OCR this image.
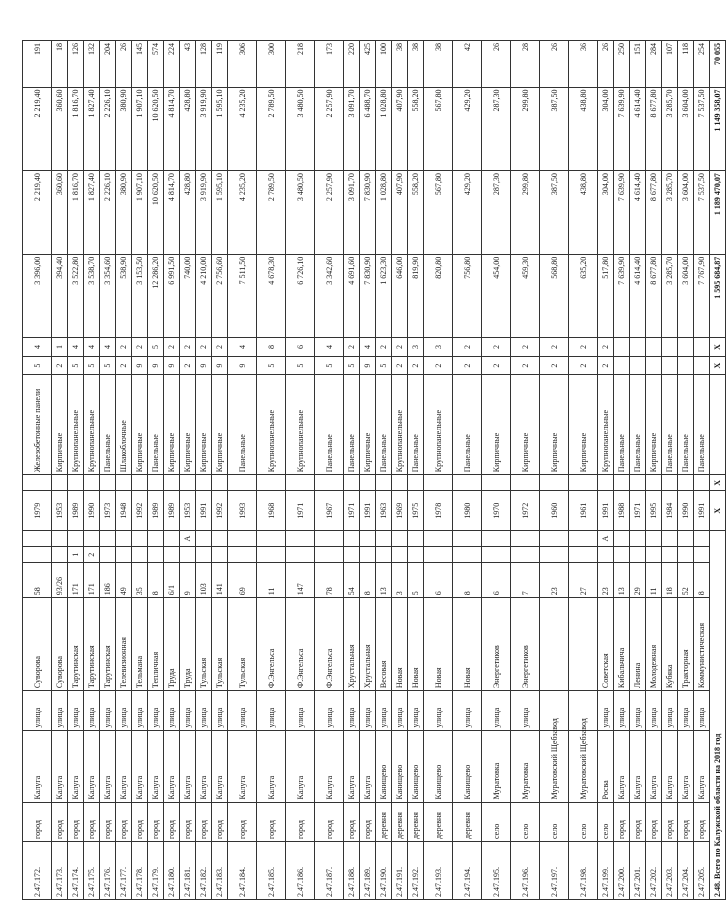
2.47.172.	город	Калуга	улица	Суворова	58			1979		Железобетонные панели	5	4	3 396,00	2 219,40	2 219,40	191
2.47.173.	город	Калуга	улица	Суворова	93/26			1953		Кирпичные	2	1	394,40	360,60	360,60	18
2.47.174.	город	Калуга	улица	Тарутинская	171	1		1989		Крупнопанельные	5	4	3 522,80	1 816,70	1 816,70	126
2.47.175.	город	Калуга	улица	Тарутинская	171	2		1990		Крупнопанельные	5	4	3 538,70	1 827,40	1 827,40	132
2.47.176.	город	Калуга	улица	Тарутинская	186			1973		Панельные	5	4	3 354,60	2 226,10	2 226,10	204
2.47.177.	город	Калуга	улица	Телевизионная	49			1948		Шлакоблочные	2	2	538,90	380,90	380,90	26
2.47.178.	город	Калуга	улица	Тельмана	35			1992		Кирпичные	9	2	3 153,50	1 907,10	1 907,10	145
2.47.179.	город	Калуга	улица	Тепличная	8			1989		Панельные	9	5	12 286,20	10 620,50	10 620,50	574
2.47.180.	город	Калуга	улица	Труда	6/1			1989		Кирпичные	9	2	6 991,50	4 814,70	4 814,70	224
2.47.181.	город	Калуга	улица	Труда	9		А	1953		Кирпичные	2	2	740,00	428,80	428,80	43
2.47.182.	город	Калуга	улица	Тульская	103			1991		Кирпичные	9	2	4 210,00	3 919,90	3 919,90	128
2.47.183.	город	Калуга	улица	Тульская	141			1992		Кирпичные	9	2	2 756,60	1 595,10	1 595,10	119
2.47.184.	город	Калуга	улица	Тульская	69			1993		Панельные	9	4	7 511,50	4 235,20	4 235,20	306
2.47.185.	город	Калуга	улица	Ф.Энгельса	11			1968		Крупнопанельные	5	8	4 678,30	2 789,50	2 789,50	300
2.47.186.	город	Калуга	улица	Ф.Энгельса	147			1971		Крупнопанельные	5	6	6 726,10	3 480,50	3 480,50	218
2.47.187.	город	Калуга	улица	Ф.Энгельса	78			1967		Панельные	5	4	3 342,60	2 257,90	2 257,90	173
2.47.188.	город	Калуга	улица	Хрустальная	54			1971		Панельные	5	2	4 691,60	3 091,70	3 091,70	220
2.47.189.	город	Калуга	улица	Хрустальная	8			1991		Кирпичные	9	4	7 830,90	7 830,90	6 488,70	425
2.47.190.	деревня	Канищево	улица	Весовая	13			1963		Панельные	5	2	1 623,30	1 028,80	1 028,80	100
2.47.191.	деревня	Канищево	улица	Новая	3			1969		Крупнопанельные	2	2	646,00	407,90	407,90	38
2.47.192.	деревня	Канищево	улица	Новая	5			1975		Панельные	2	3	819,90	558,20	558,20	38
2.47.193.	деревня	Канищево	улица	Новая	6			1978		Крупнопанельные	2	3	820,80	567,80	567,80	38
2.47.194.	деревня	Канищево	улица	Новая	8			1980		Панельные	2	2	756,80	429,20	429,20	42
2.47.195.	село	Муратовка	улица	Энергетиков	6			1970		Кирпичные	2	2	454,00	287,30	287,30	26
2.47.196.	село	Муратовка	улица	Энергетиков	7			1972		Кирпичные	2	2	459,30	299,80	299,80	28
2.47.197.	село	Муратовский Щебзавод			23			1960		Кирпичные	2	2	568,80	387,50	387,50	26
2.47.198.	село	Муратовский Щебзавод			27			1961		Кирпичные	2	2	635,20	438,80	438,80	36
2.47.199.	село	Росва	улица	Советская	23		А	1991		Крупнопанельные	2	2	517,80	304,00	304,00	26
2.47.200.	город	Калуга	улица	Кибальчича	13			1988		Панельные			7 639,90	7 639,90	7 639,90	250
2.47.201.	город	Калуга	улица	Ленина	29			1971		Панельные			4 614,40	4 614,40	4 614,40	151
2.47.202.	город	Калуга	улица	Молодежная	11			1995		Кирпичные			8 677,80	8 677,80	8 677,80	284
2.47.203.	город	Калуга	улица	Кубяка	18			1984		Панельные			3 285,70	3 285,70	3 285,70	107
2.47.204.	город	Калуга	улица	Тракторная	52			1990		Панельные			3 604,00	3 604,00	3 604,00	118
2.47.205.	город	Калуга	улица	Коммунистическая	8			1991		Панельные			7 767,90	7 537,50	7 537,50	254
2.48. Всего по Калужской области на 2018 год								X	X		X	X	1 595 684,87	1 189 470,07	1 149 358,07	70 055
